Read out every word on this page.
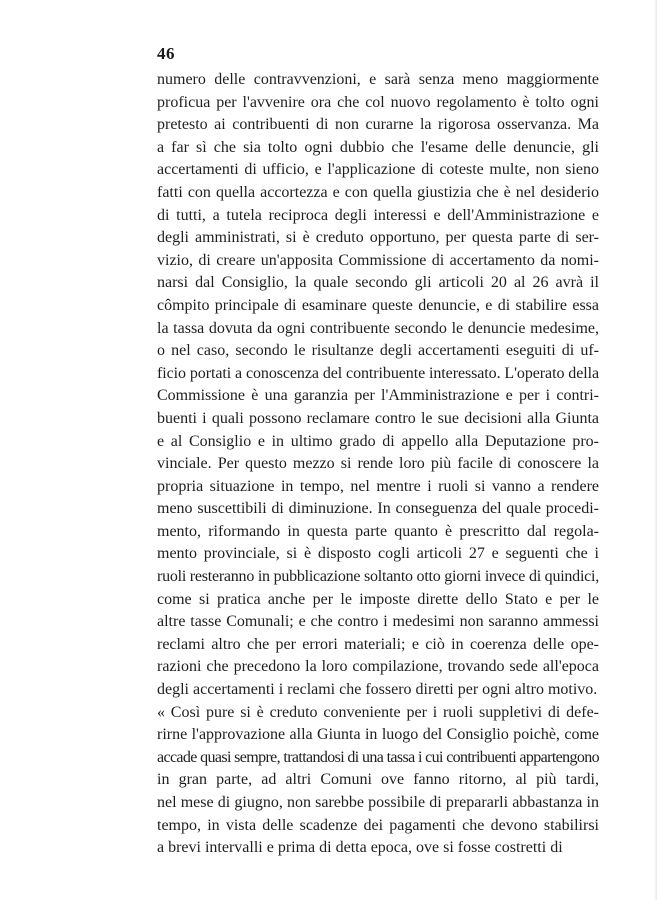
46
numero delle contravvenzioni, e sarà senza meno maggiormente
proficua per l'avvenire ora che col nuovo regolamento è tolto ogni
pretesto ai contribuenti di non curarne la rigorosa osservanza. Ma
a far sì che sia tolto ogni dubbio che l'esame delle denuncie, gli
accertamenti di ufficio, e l'applicazione di coteste multe, non sieno
fatti con quella accortezza e con quella giustizia che è nel desiderio
di tutti, a tutela reciproca degli interessi e dell'Amministrazione e
degli amministrati, si è creduto opportuno, per questa parte di ser-
vizio, di creare un'apposita Commissione di accertamento da nomi-
narsi dal Consiglio, la quale secondo gli articoli 20 al 26 avrà il
cômpito principale di esaminare queste denuncie, e di stabilire essa
la tassa dovuta da ogni contribuente secondo le denuncie medesime,
o nel caso, secondo le risultanze degli accertamenti eseguiti di uf-
ficio portati a conoscenza del contribuente interessato. L'operato della
Commissione è una garanzia per l'Amministrazione e per i contri-
buenti i quali possono reclamare contro le sue decisioni alla Giunta
e al Consiglio e in ultimo grado di appello alla Deputazione pro-
vinciale. Per questo mezzo si rende loro più facile di conoscere la
propria situazione in tempo, nel mentre i ruoli si vanno a rendere
meno suscettibili di diminuzione. In conseguenza del quale procedi-
mento, riformando in questa parte quanto è prescritto dal regola-
mento provinciale, si è disposto cogli articoli 27 e seguenti che i
ruoli resteranno in pubblicazione soltanto otto giorni invece di quindici,
come si pratica anche per le imposte dirette dello Stato e per le
altre tasse Comunali; e che contro i medesimi non saranno ammessi
reclami altro che per errori materiali; e ciò in coerenza delle ope-
razioni che precedono la loro compilazione, trovando sede all'epoca
degli accertamenti i reclami che fossero diretti per ogni altro motivo.
« Così pure si è creduto conveniente per i ruoli suppletivi di defe-
rirne l'approvazione alla Giunta in luogo del Consiglio poichè, come
accade quasi sempre, trattandosi di una tassa i cui contribuenti appartengono
in gran parte, ad altri Comuni ove fanno ritorno, al più tardi,
nel mese di giugno, non sarebbe possibile di prepararli abbastanza in
tempo, in vista delle scadenze dei pagamenti che devono stabilirsi
a brevi intervalli e prima di detta epoca, ove si fosse costretti di
